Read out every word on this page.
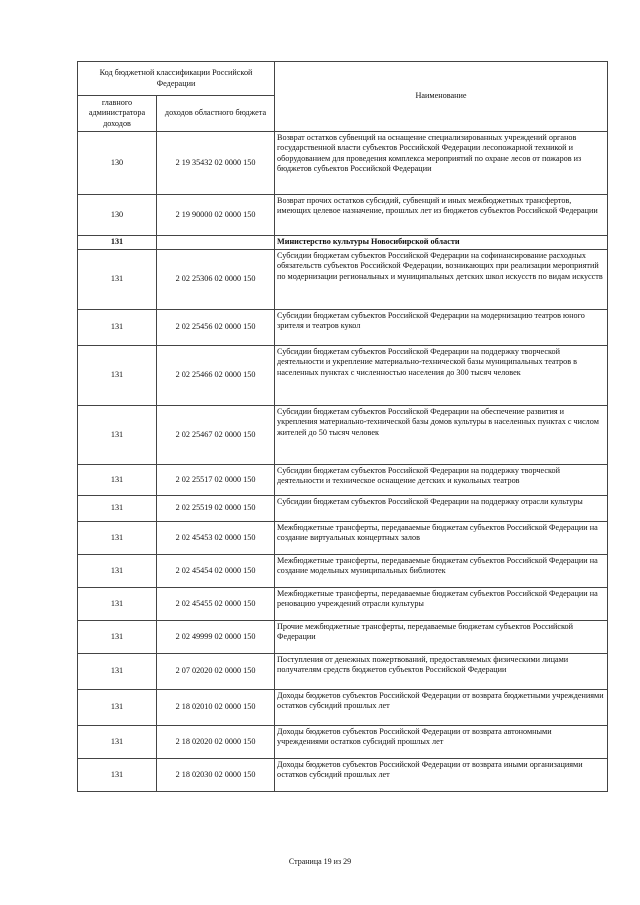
Код бюджетной классификации Российской Федерации		Наименование
главного администратора доходов	доходов областного бюджета	
130	2 19 35432 02 0000 150	Возврат остатков субвенций на оснащение специализированных учреждений органов государственной власти субъектов Российской Федерации лесопожарной техникой и оборудованием для проведения комплекса мероприятий по охране лесов от пожаров из бюджетов субъектов Российской Федерации
130	2 19 90000 02 0000 150	Возврат прочих остатков субсидий, субвенций и иных межбюджетных трансфертов, имеющих целевое назначение, прошлых лет из бюджетов субъектов Российской Федерации
131		Министерство культуры Новосибирской области
131	2 02 25306 02 0000 150	Субсидии бюджетам субъектов Российской Федерации на софинансирование расходных обязательств субъектов Российской Федерации, возникающих при реализации мероприятий по модернизации региональных и муниципальных детских школ искусств по видам искусств
131	2 02 25456 02 0000 150	Субсидии бюджетам субъектов Российской Федерации на модернизацию театров юного зрителя и театров кукол
131	2 02 25466 02 0000 150	Субсидии бюджетам субъектов Российской Федерации на поддержку творческой деятельности и укрепление материально-технической базы муниципальных театров в населенных пунктах с численностью населения до 300 тысяч человек
131	2 02 25467 02 0000 150	Субсидии бюджетам субъектов Российской Федерации на обеспечение развития и укрепления материально-технической базы домов культуры в населенных пунктах с числом жителей до 50 тысяч человек
131	2 02 25517 02 0000 150	Субсидии бюджетам субъектов Российской Федерации на поддержку творческой деятельности и техническое оснащение детских и кукольных театров
131	2 02 25519 02 0000 150	Субсидии бюджетам субъектов Российской Федерации на поддержку отрасли культуры
131	2 02 45453 02 0000 150	Межбюджетные трансферты, передаваемые бюджетам субъектов Российской Федерации на создание виртуальных концертных залов
131	2 02 45454 02 0000 150	Межбюджетные трансферты, передаваемые бюджетам субъектов Российской Федерации на создание модельных муниципальных библиотек
131	2 02 45455 02 0000 150	Межбюджетные трансферты, передаваемые бюджетам субъектов Российской Федерации на реновацию учреждений отрасли культуры
131	2 02 49999 02 0000 150	Прочие межбюджетные трансферты, передаваемые бюджетам субъектов Российской Федерации
131	2 07 02020 02 0000 150	Поступления от денежных пожертвований, предоставляемых физическими лицами получателям средств бюджетов субъектов Российской Федерации
131	2 18 02010 02 0000 150	Доходы бюджетов субъектов Российской Федерации от возврата бюджетными учреждениями остатков субсидий прошлых лет
131	2 18 02020 02 0000 150	Доходы бюджетов субъектов Российской Федерации от возврата автономными учреждениями остатков субсидий прошлых лет
131	2 18 02030 02 0000 150	Доходы бюджетов субъектов Российской Федерации от возврата иными организациями остатков субсидий прошлых лет
Страница 19 из 29
